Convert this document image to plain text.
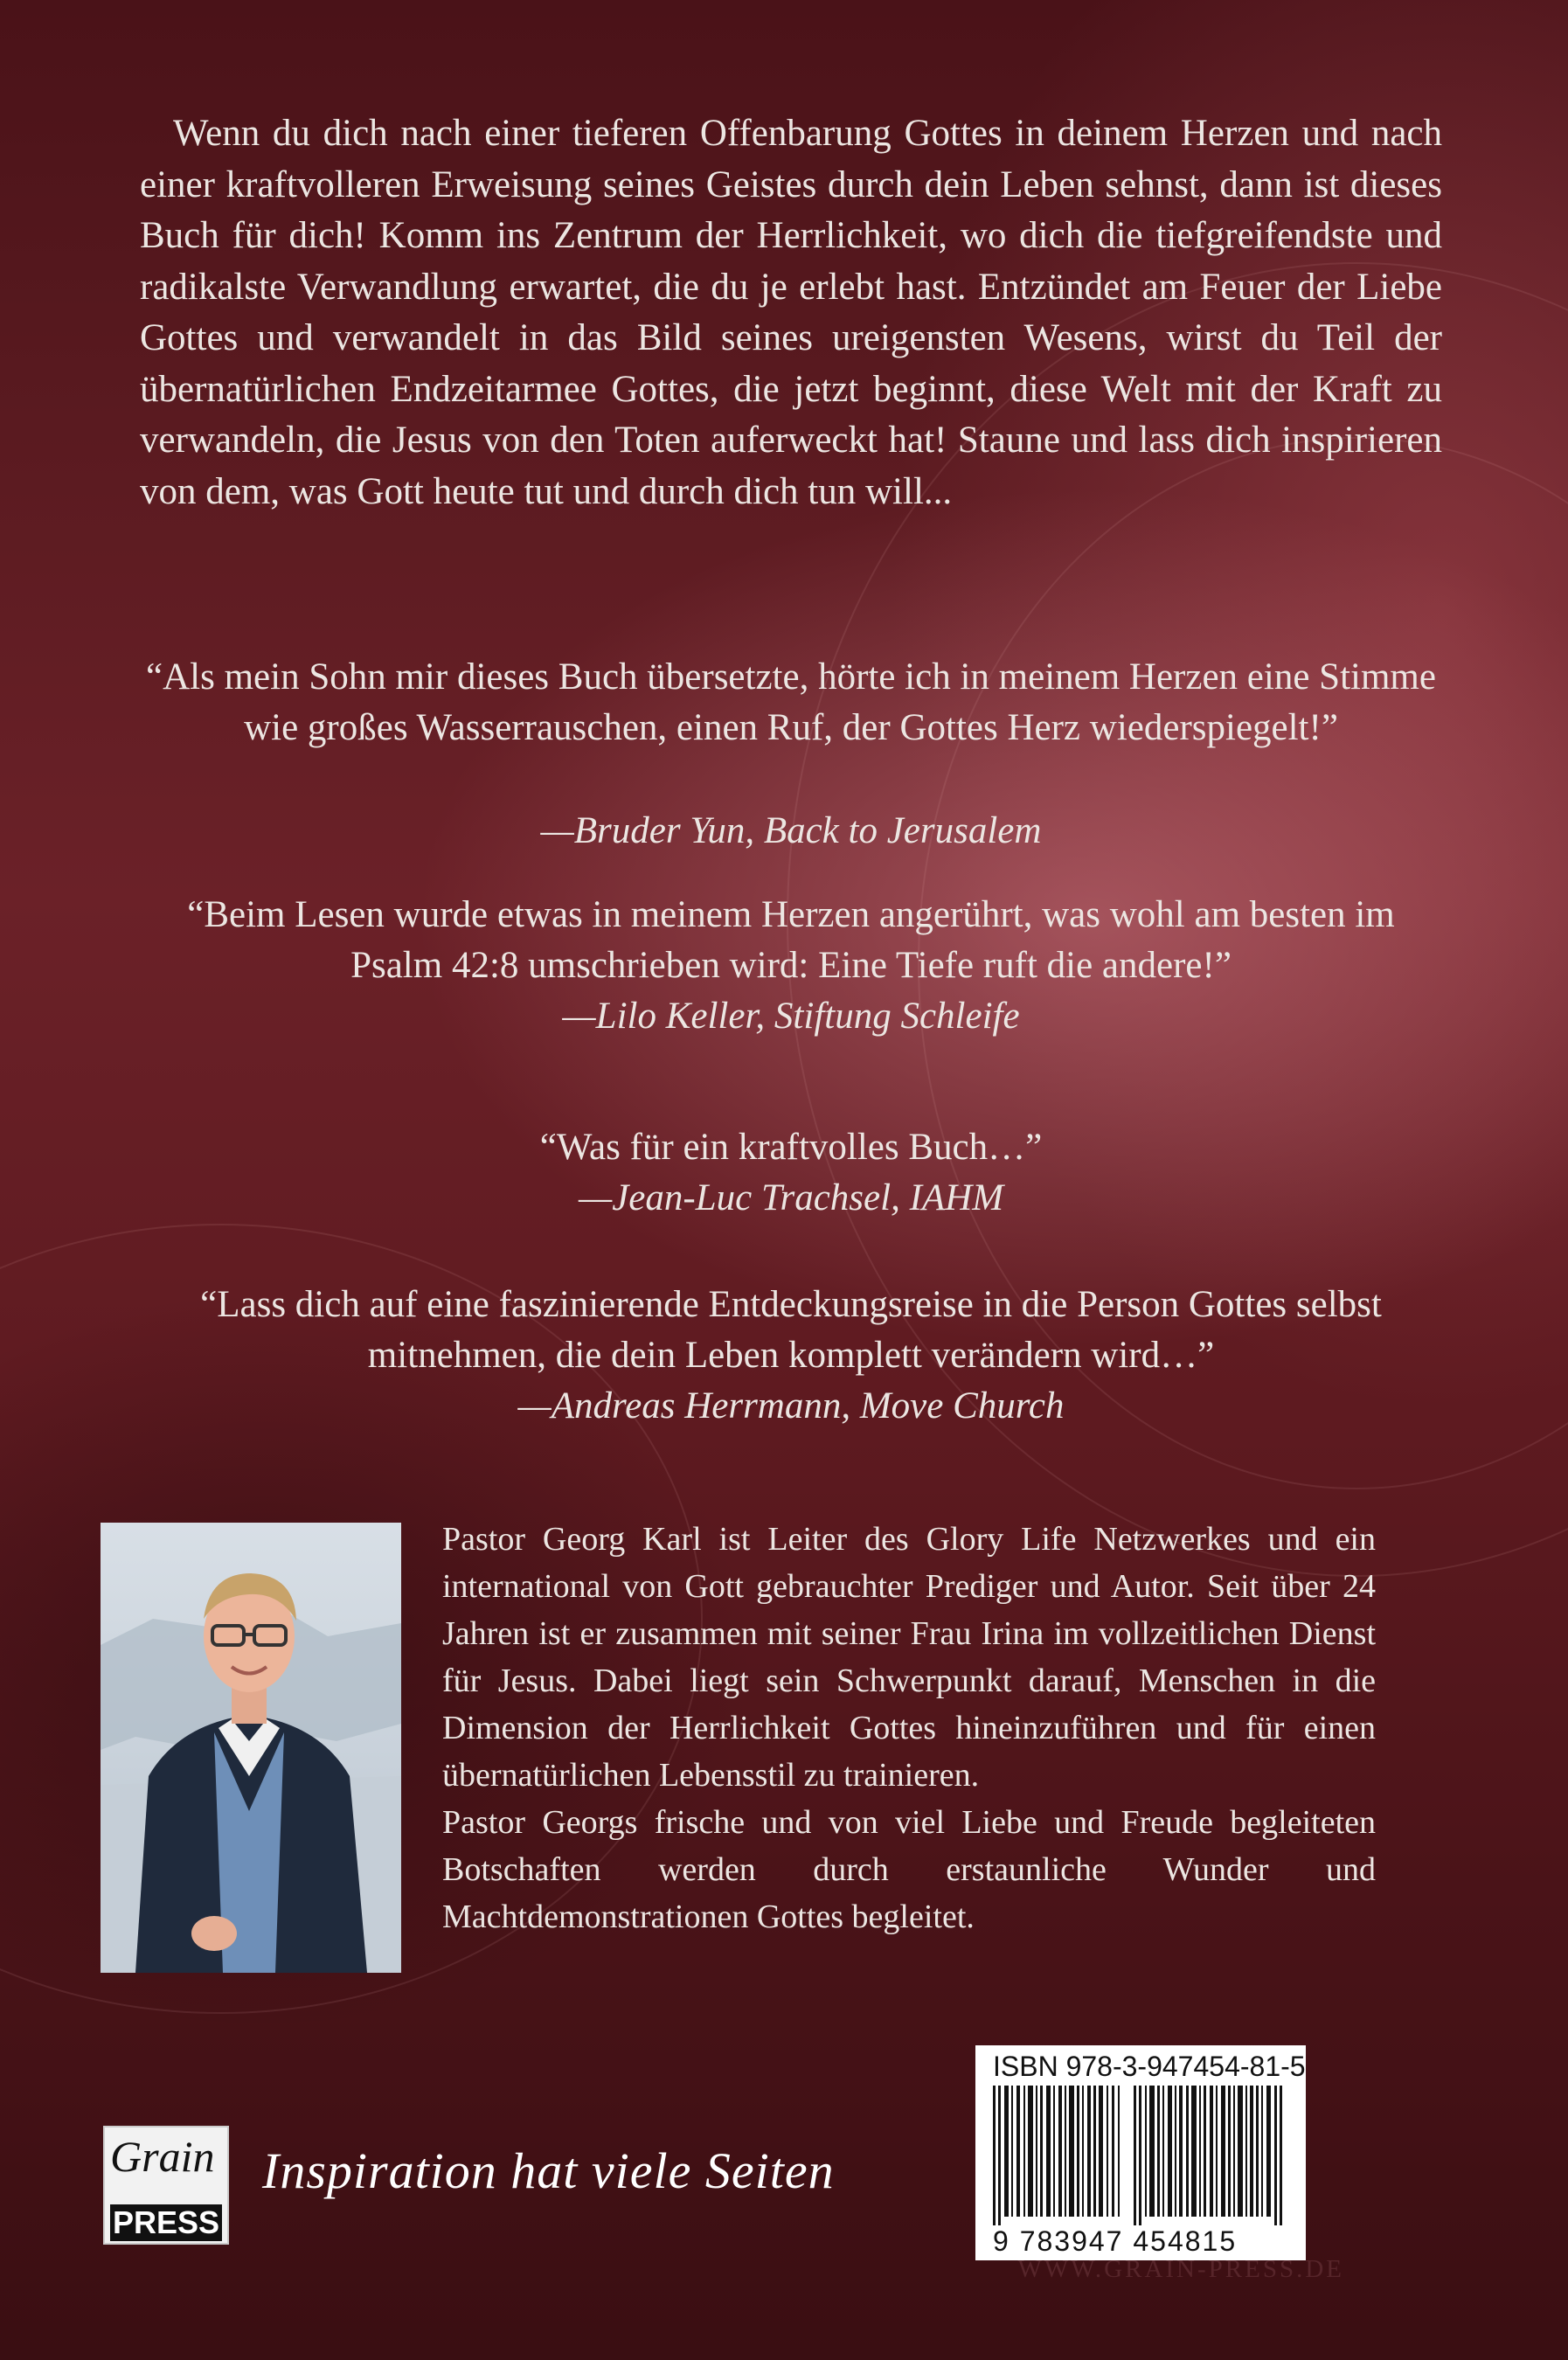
Wenn du dich nach einer tieferen Offenbarung Gottes in deinem Herzen und nach einer kraftvolleren Erweisung seines Geistes durch dein Leben sehnst, dann ist dieses Buch für dich! Komm ins Zentrum der Herrlichkeit, wo dich die tiefgreifendste und radikalste Verwandlung erwartet, die du je erlebt hast. Entzündet am Feuer der Liebe Gottes und verwandelt in das Bild seines ureigensten Wesens, wirst du Teil der übernatürlichen Endzeitarmee Gottes, die jetzt beginnt, diese Welt mit der Kraft zu verwandeln, die Jesus von den Toten auferweckt hat! Staune und lass dich inspirieren von dem, was Gott heute tut und durch dich tun will...

“Als mein Sohn mir dieses Buch übersetzte, hörte ich in meinem Herzen eine Stimme wie großes Wasserrauschen, einen Ruf, der Gottes Herz wiederspiegelt!”

—Bruder Yun, Back to Jerusalem

“Beim Lesen wurde etwas in meinem Herzen angerührt, was wohl am besten im Psalm 42:8 umschrieben wird: Eine Tiefe ruft die andere!”

—Lilo Keller, Stiftung Schleife

“Was für ein kraftvolles Buch…”

—Jean-Luc Trachsel, IAHM

“Lass dich auf eine faszinierende Entdeckungsreise in die Person Gottes selbst mitnehmen, die dein Leben komplett verändern wird…”

—Andreas Herrmann, Move Church

Pastor Georg Karl ist Leiter des Glory Life Netzwerkes und ein international von Gott gebrauchter Prediger und Autor. Seit über 24 Jahren ist er zusammen mit seiner Frau Irina im vollzeitlichen Dienst für Jesus. Dabei liegt sein Schwerpunkt darauf, Menschen in die Dimension der Herrlichkeit Gottes hineinzuführen und für einen übernatürlichen Lebensstil zu trainieren.
Pastor Georgs frische und von viel Liebe und Freude begleiteten Botschaften werden durch erstaunliche Wunder und Machtdemonstrationen Gottes begleitet.
Grain
PRESS

Inspiration hat viele Seiten

ISBN 978-3-947454-81-5
9 783947 454815

WWW.GRAIN-PRESS.DE
